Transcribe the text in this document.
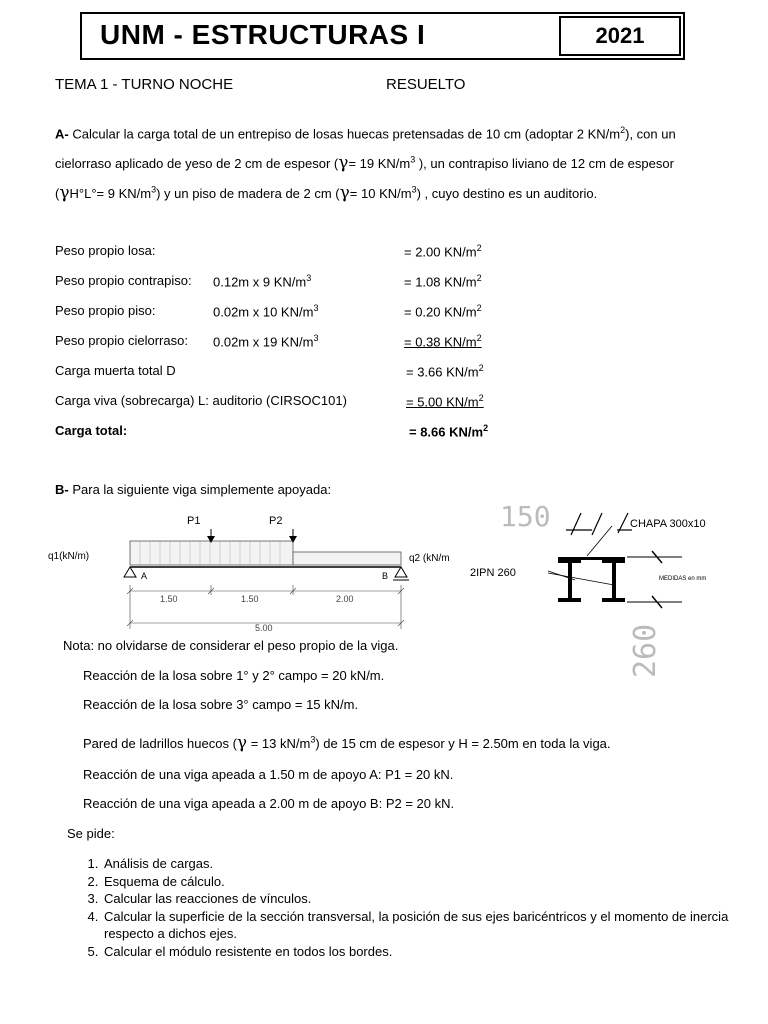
UNM - ESTRUCTURAS I	2021
TEMA 1 - TURNO NOCHE	RESUELTO
A- Calcular la carga total de un entrepiso de losas huecas pretensadas de 10 cm (adoptar 2 $KN/m^2$), con un
cielorraso aplicado de yeso de 2 cm de espesor (γ= 19 $KN/m^3$ ), un contrapiso liviano de 12 cm de espesor
(γH°L°= 9 $KN/m^3$) y un piso de madera de 2 cm (γ= 10 $KN/m^3$) , cuyo destino es un auditorio.
Peso propio losa:	= 2.00 $KN/m^2$
Peso propio contrapiso: 0.12m x 9 $KN/m^3$	= 1.08 $KN/m^2$
Peso propio piso:	0.02m x 10 $KN/m^3$	= 0.20 $KN/m^2$
Peso propio cielorraso: 0.02m x 19 $KN/m^3$	= 0.38 $KN/m^2$
Carga muerta total D	= 3.66 $KN/m^2$
Carga viva (sobrecarga) L: auditorio (CIRSOC101)	= 5.00 $KN/m^2$
Carga total:	= 8.66 $KN/m^2$
B- Para la siguiente viga simplemente apoyada:
P1	P2
q1(kN/m)	q2 (kN/m
A	B
1.50	1.50	2.00
5.00
150	CHAPA 300x10
2IPN 260	MEDIDAS en mm
260
Nota: no olvidarse de considerar el peso propio de la viga.
Reacción de la losa sobre 1° y 2° campo = 20 kN/m.
Reacción de la losa sobre 3° campo = 15 kN/m.
Pared de ladrillos huecos (γ = 13 $kN/m^3$) de 15 cm de espesor y H = 2.50m en toda la viga.
Reacción de una viga apeada a 1.50 m de apoyo A: P1 = 20 kN.
Reacción de una viga apeada a 2.00 m de apoyo B: P2 = 20 kN.
Se pide:
1. Análisis de cargas.
2. Esquema de cálculo.
3. Calcular las reacciones de vínculos.
4. Calcular la superficie de la sección transversal, la posición de sus ejes baricéntricos y el momento de inercia respecto a dichos ejes.
5. Calcular el módulo resistente en todos los bordes.
